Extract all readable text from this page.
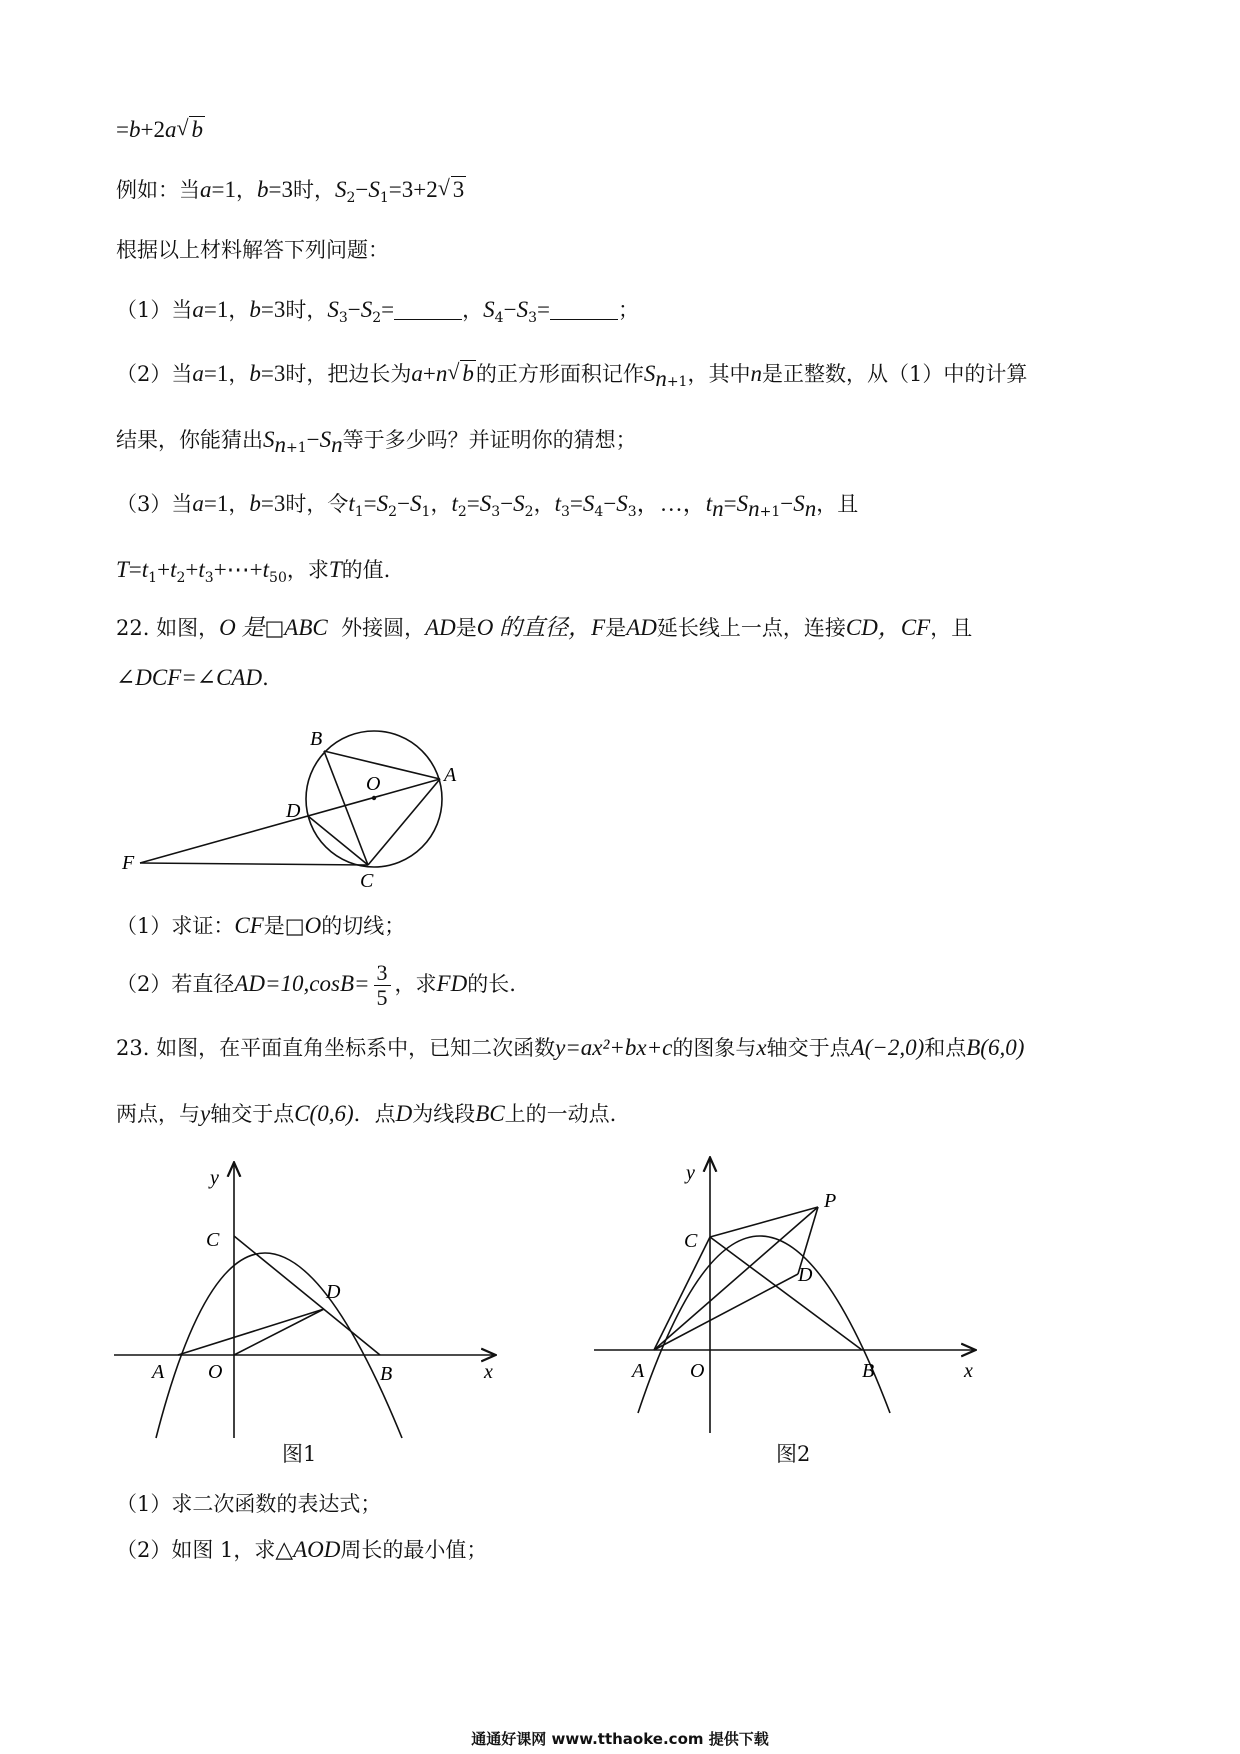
=b+2a√ b
例如：当a=1，b=3时，$S_2-S_1=3+2√$ 3
根据以上材料解答下列问题：
（1）当a=1，b=3时，$S_3-S_2=$	，$S_4-S_3=$	；
（2）当a=1，b=3时，把边长为a+n√ b的正方形面积记作$S_{n+1}$，其中n是正整数，从（1）中的计算
结果，你能猜出$S_{n+1}-S_n$等于多少吗？并证明你的猜想；
（3）当a=1，b=3时，令$t_1=S_2-S_1$，$t_2=S_3-S_2$，$t_3=S_4-S_3$，…，$t_n=S_{n+1}-S_n$，且
$T=t_1+t_2+t_3+\cdots+t_{50}$，求T的值.
22. 如图，O 是□ABC 外接圆，AD是O 的直径，F是AD延长线上一点，连接CD，CF，且
∠DCF=∠CAD.
B
O	A
D
F
C
（1）求证：CF是□O的切线；
（2）若直径$AD=10,\cos B= \frac{3}{5}$ ，求FD的长.
23. 如图，在平面直角坐标系中，已知二次函数y=ax²+bx+c的图象与x轴交于点A(−2,0)和点B(6,0)
两点，与y轴交于点C(0,6)．点D为线段BC上的一动点.
y
C
D
A O	B	x
图1
y
C
P
D
A O	B	x
图2
（1）求二次函数的表达式；
（2）如图 1，求△AOD周长的最小值；
通通好课网 www.tthaoke.com 提供下载
